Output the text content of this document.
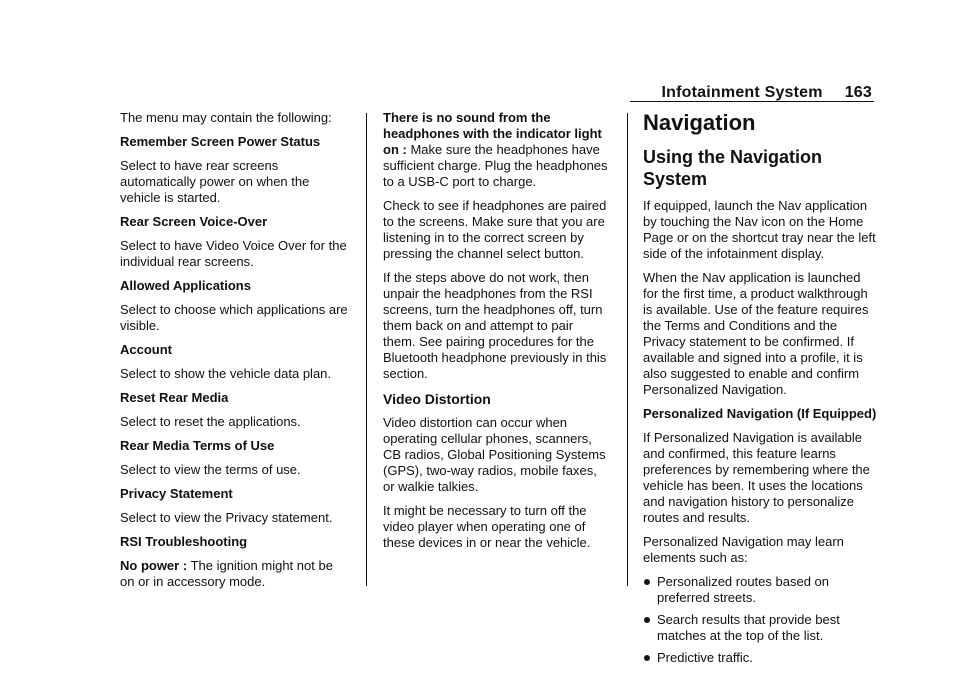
Infotainment System 163

The menu may contain the following:

Remember Screen Power Status

Select to have rear screens automatically power on when the vehicle is started.

Rear Screen Voice-Over

Select to have Video Voice Over for the individual rear screens.

Allowed Applications

Select to choose which applications are visible.

Account

Select to show the vehicle data plan.

Reset Rear Media

Select to reset the applications.

Rear Media Terms of Use

Select to view the terms of use.

Privacy Statement

Select to view the Privacy statement.

RSI Troubleshooting

No power : The ignition might not be on or in accessory mode.

There is no sound from the headphones with the indicator light on : Make sure the headphones have sufficient charge. Plug the headphones to a USB-C port to charge.

Check to see if headphones are paired to the screens. Make sure that you are listening in to the correct screen by pressing the channel select button.

If the steps above do not work, then unpair the headphones from the RSI screens, turn the headphones off, turn them back on and attempt to pair them. See pairing procedures for the Bluetooth headphone previously in this section.

Video Distortion

Video distortion can occur when operating cellular phones, scanners, CB radios, Global Positioning Systems (GPS), two-way radios, mobile faxes, or walkie talkies.

It might be necessary to turn off the video player when operating one of these devices in or near the vehicle.

Navigation
Using the Navigation System

If equipped, launch the Nav application by touching the Nav icon on the Home Page or on the shortcut tray near the left side of the infotainment display.

When the Nav application is launched for the first time, a product walkthrough is available. Use of the feature requires the Terms and Conditions and the Privacy statement to be confirmed. If available and signed into a profile, it is also suggested to enable and confirm Personalized Navigation.

Personalized Navigation (If Equipped)

If Personalized Navigation is available and confirmed, this feature learns preferences by remembering where the vehicle has been. It uses the locations and navigation history to personalize routes and results.

Personalized Navigation may learn elements such as:

Personalized routes based on preferred streets.
Search results that provide best matches at the top of the list.
Predictive traffic.
